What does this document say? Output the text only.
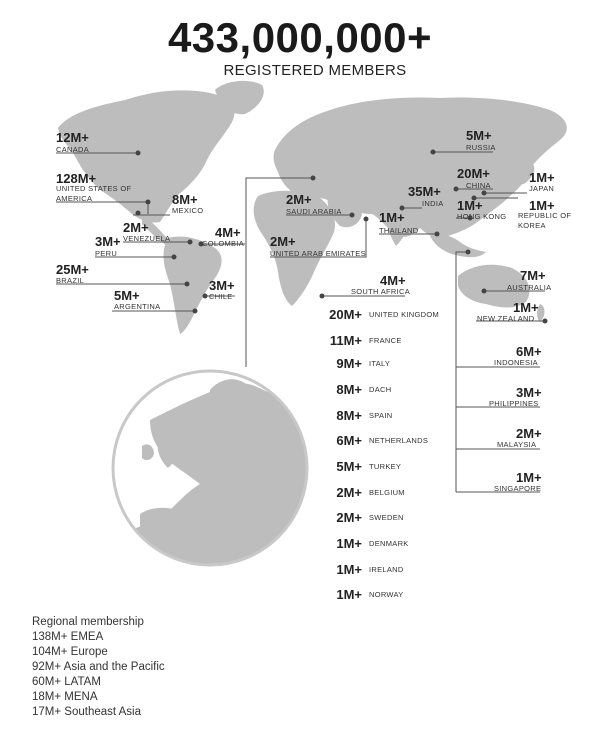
433,000,000+
REGISTERED MEMBERS
12M+
CANADA
128M+
UNITED STATES OF AMERICA	8M+
MEXICO
2M+
VENEZUELA	4M+
COLOMBIA
3M+
PERU
25M+
BRAZIL	3M+
CHILE
5M+
ARGENTINA
5M+
RUSSIA
20M+
CHINA
1M+
JAPAN
35M+
INDIA 1M+
HONG KONG
1M+
REPUBLIC OF KOREA
2M+
SAUDI ARABIA	1M+
THAILAND
2M+
UNITED ARAB EMIRATES
4M+
SOUTH AFRICA
7M+
AUSTRALIA
1M+
NEW ZEALAND
6M+
INDONESIA
3M+
PHILIPPINES
2M+
MALAYSIA
1M+
SINGAPORE
20M+ UNITED KINGDOM
11M+ FRANCE
9M+ ITALY
8M+ DACH
8M+ SPAIN
6M+ NETHERLANDS
5M+ TURKEY
2M+ BELGIUM
2M+ SWEDEN
1M+ DENMARK
1M+ IRELAND
1M+ NORWAY
Regional membership
138M+ EMEA
104M+ Europe
92M+ Asia and the Pacific
60M+ LATAM
18M+ MENA
17M+ Southeast Asia
